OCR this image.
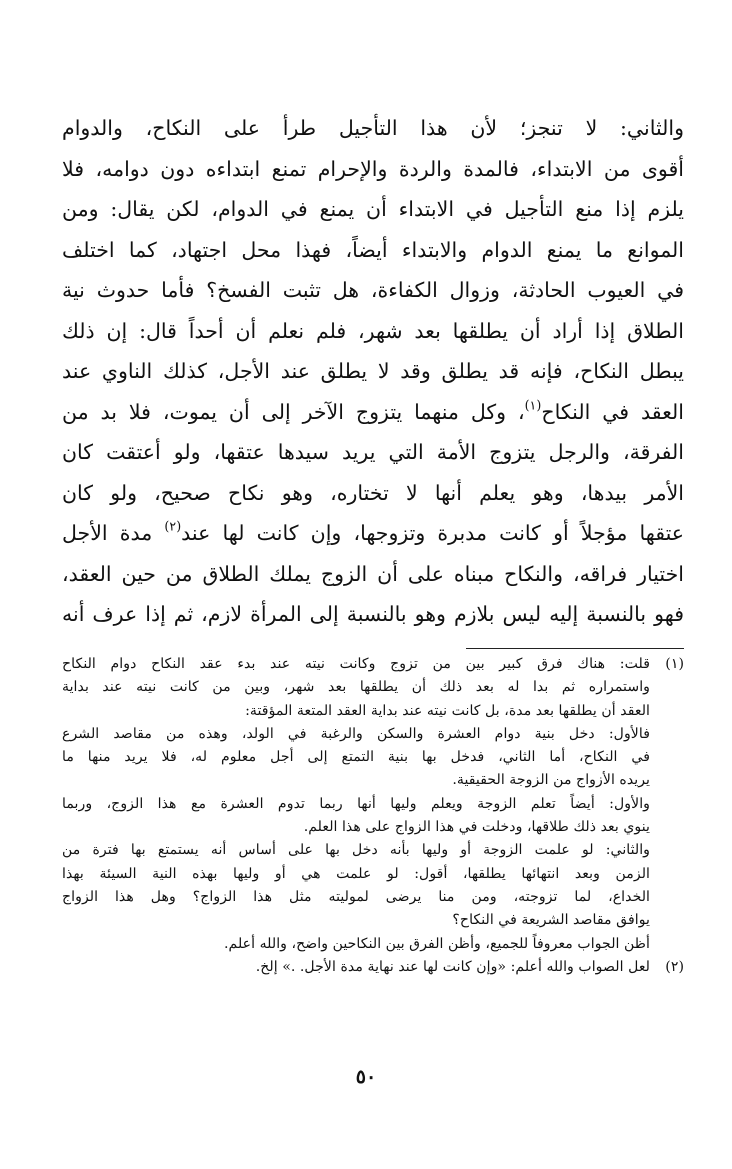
والثاني: لا تنجز؛ لأن هذا التأجيل طرأ على النكاح، والدوام
أقوى من الابتداء، فالمدة والردة والإحرام تمنع ابتداءه دون دوامه، فلا
يلزم إذا منع التأجيل في الابتداء أن يمنع في الدوام، لكن يقال: ومن
الموانع ما يمنع الدوام والابتداء أيضاً، فهذا محل اجتهاد، كما اختلف
في العيوب الحادثة، وزوال الكفاءة، هل تثبت الفسخ؟ فأما حدوث نية
الطلاق إذا أراد أن يطلقها بعد شهر، فلم نعلم أن أحداً قال: إن ذلك
يبطل النكاح، فإنه قد يطلق وقد لا يطلق عند الأجل، كذلك الناوي عند
العقد في النكاح$^{(١)}$، وكل منهما يتزوج الآخر إلى أن يموت، فلا بد من
الفرقة، والرجل يتزوج الأمة التي يريد سيدها عتقها، ولو أعتقت كان
الأمر بيدها، وهو يعلم أنها لا تختاره، وهو نكاح صحيح، ولو كان
عتقها مؤجلاً أو كانت مدبرة وتزوجها، وإن كانت لها عند$^{(٢)}$ مدة الأجل
اختيار فراقه، والنكاح مبناه على أن الزوج يملك الطلاق من حين العقد،
فهو بالنسبة إليه ليس بلازم وهو بالنسبة إلى المرأة لازم، ثم إذا عرف أنه
(١)
قلت: هناك فرق كبير بين من تزوج وكانت نيته عند بدء عقد النكاح دوام النكاح
واستمراره ثم بدا له بعد ذلك أن يطلقها بعد شهر، وبين من كانت نيته عند بداية
العقد أن يطلقها بعد مدة، بل كانت نيته عند بداية العقد المتعة المؤقتة:
فالأول: دخل بنية دوام العشرة والسكن والرغبة في الولد، وهذه من مقاصد الشرع
في النكاح، أما الثاني، فدخل بها بنية التمتع إلى أجل معلوم له، فلا يريد منها ما
يريده الأزواج من الزوجة الحقيقية.
والأول: أيضاً تعلم الزوجة ويعلم وليها أنها ربما تدوم العشرة مع هذا الزوج، وربما
ينوي بعد ذلك طلاقها، ودخلت في هذا الزواج على هذا العلم.
والثاني: لو علمت الزوجة أو وليها بأنه دخل بها على أساس أنه يستمتع بها فترة من
الزمن وبعد انتهائها يطلقها، أقول: لو علمت هي أو وليها بهذه النية السيئة بهذا
الخداع، لما تزوجته، ومن منا يرضى لموليته مثل هذا الزواج؟ وهل هذا الزواج
يوافق مقاصد الشريعة في النكاح؟
أظن الجواب معروفاً للجميع، وأظن الفرق بين النكاحين واضح، والله أعلم.
(٢)
لعل الصواب والله أعلم: «وإن كانت لها عند نهاية مدة الأجل. .» إلخ.
٥٠
